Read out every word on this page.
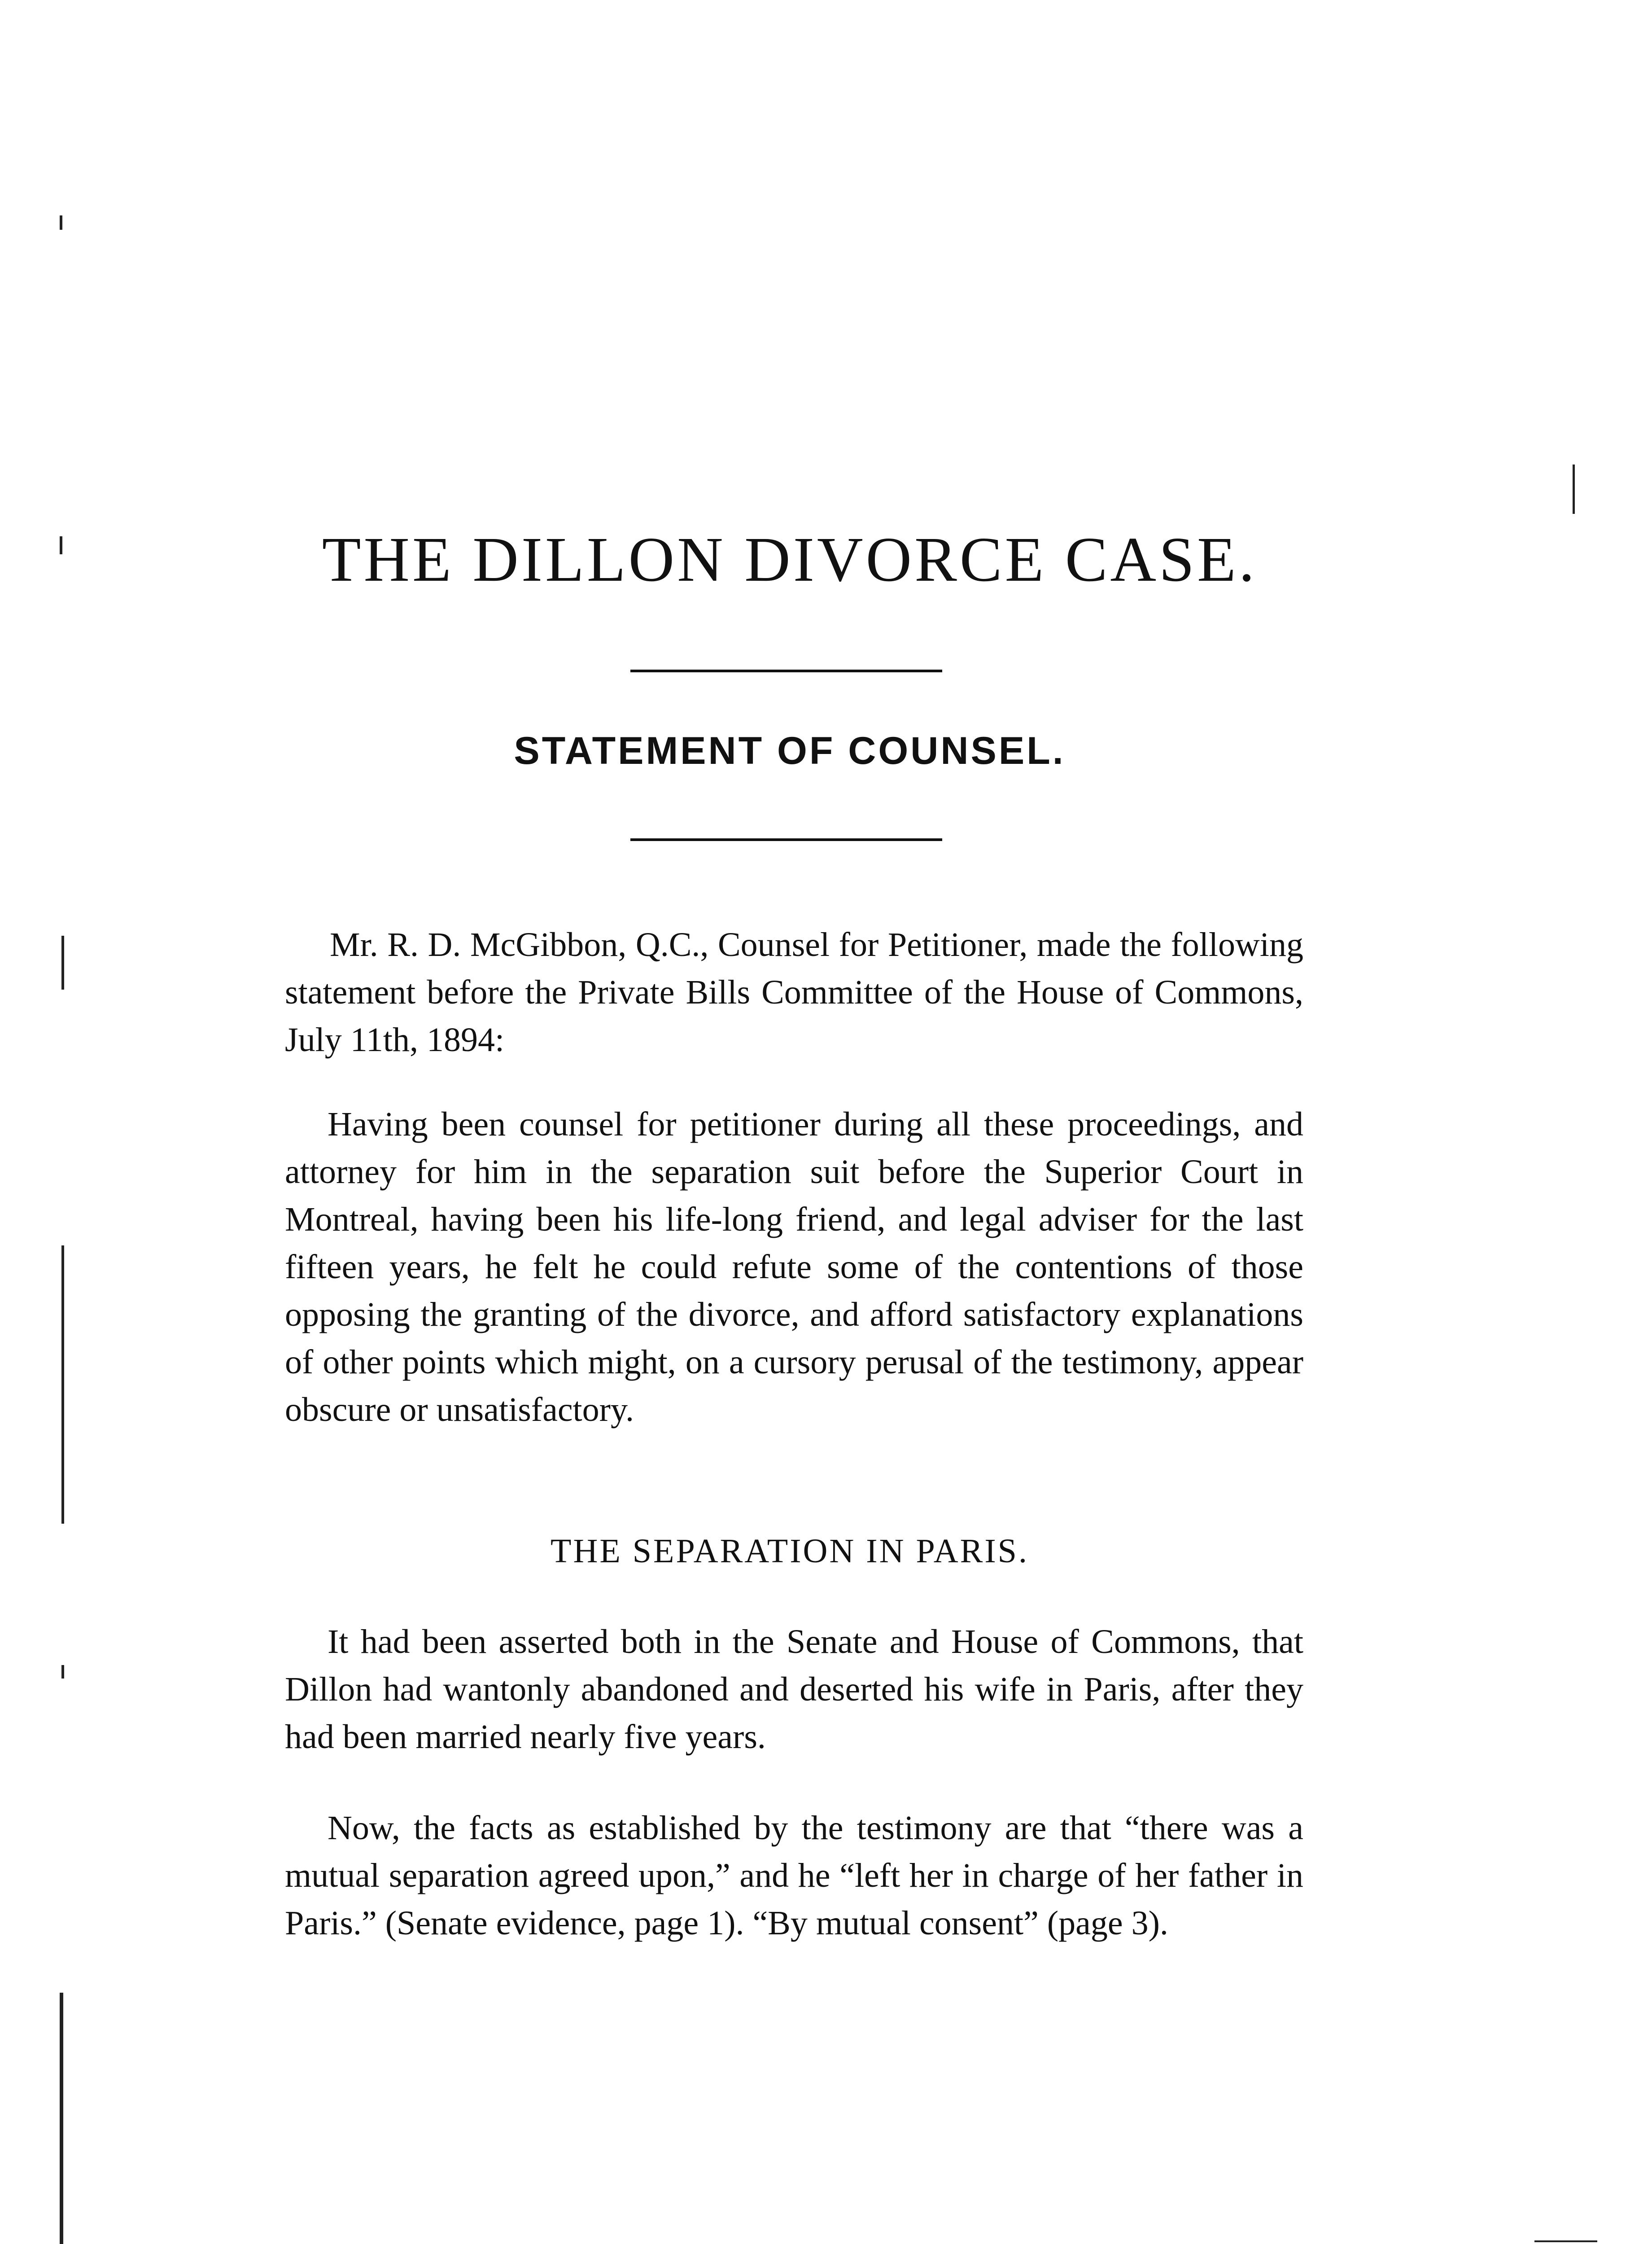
THE DILLON DIVORCE CASE.
STATEMENT OF COUNSEL.

Mr. R. D. McGibbon, Q.C., Counsel for Petitioner, made the following statement before the Private Bills Committee of the House of Commons, July 11th, 1894:

Having been counsel for petitioner during all these proceedings, and attorney for him in the separation suit before the Superior Court in Montreal, having been his life-long friend, and legal adviser for the last fifteen years, he felt he could refute some of the contentions of those opposing the granting of the divorce, and afford satisfactory explanations of other points which might, on a cursory perusal of the testimony, appear obscure or unsatisfactory.

THE SEPARATION IN PARIS.

It had been asserted both in the Senate and House of Commons, that Dillon had wantonly abandoned and deserted his wife in Paris, after they had been married nearly five years.

Now, the facts as established by the testimony are that “there was a mutual separation agreed upon,” and he “left her in charge of her father in Paris.” (Senate evidence, page 1). “By mutual consent” (page 3).
